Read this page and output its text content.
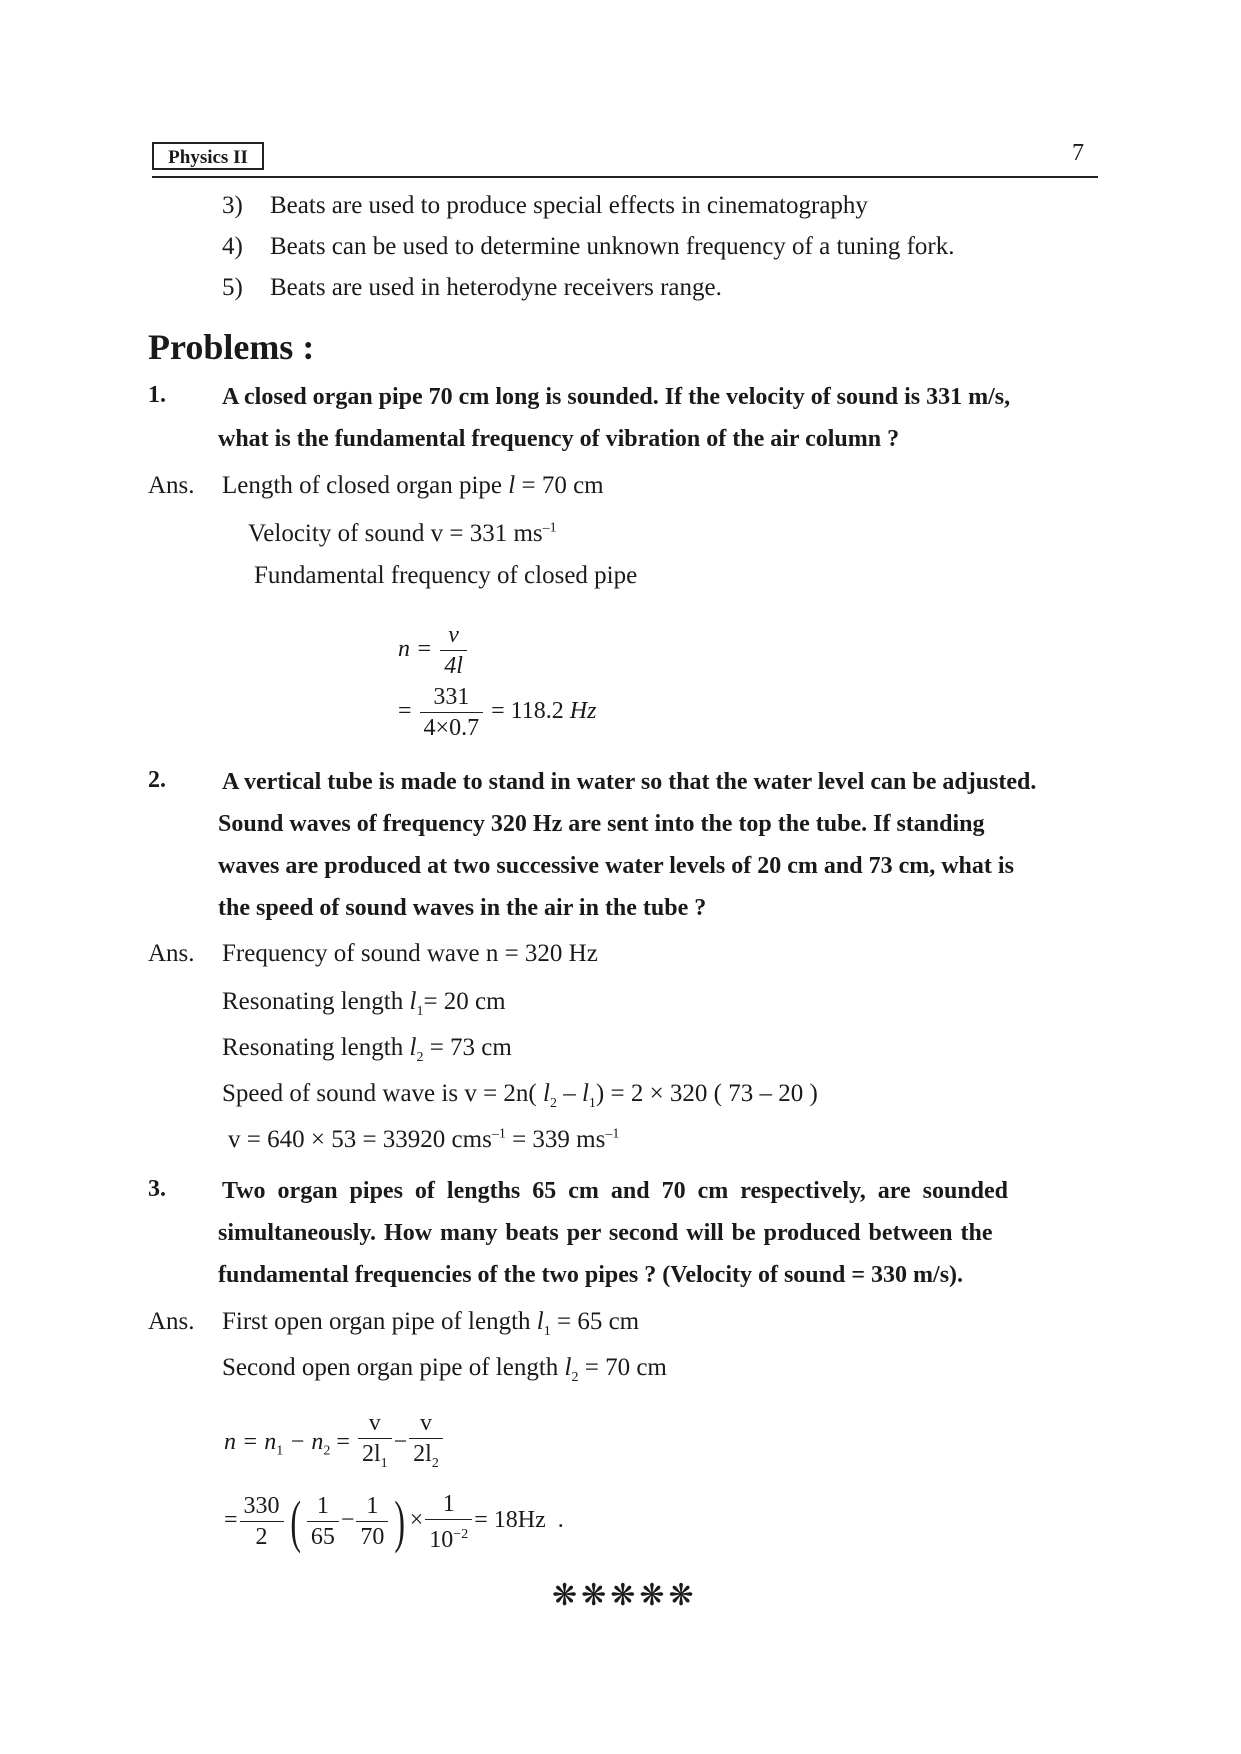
Physics II	7
3) Beats are used to produce special effects in cinematography
4) Beats can be used to determine unknown frequency of a tuning fork.
5) Beats are used in heterodyne receivers range.
Problems :
1. A closed organ pipe 70 cm long is sounded. If the velocity of sound is 331 m/s,
what is the fundamental frequency of vibration of the air column ?
Ans. Length of closed organ pipe l = 70 cm
Velocity of sound v = 331 $ms^{-1}$
Fundamental frequency of closed pipe
$n = \frac{v}{4l}$
= $\frac{331}{4\times 0.7} = 118.2$ Hz
2. A vertical tube is made to stand in water so that the water level can be adjusted.
Sound waves of frequency 320 Hz are sent into the top the tube. If standing
waves are produced at two successive water levels of 20 cm and 73 cm, what is
the speed of sound waves in the air in the tube ?
Ans. Frequency of sound wave n = 320 Hz
Resonating length $l_1= 20$ cm
Resonating length $l_2 = 73$ cm
Speed of sound wave is v = 2n( $l_2 - l_1) = 2 \times 320$ ( 73 – 20 )
v = 640 × 53 = 33920 cms$^{-1}$ = 339 $ms^{-1}$
3. Two organ pipes of lengths 65 cm and 70 cm respectively, are sounded
simultaneously. How many beats per second will be produced between the
fundamental frequencies of the two pipes ? (Velocity of sound = 330 m/s).
Ans. First open organ pipe of length $l_1 = 65$ cm
Second open organ pipe of length $l_2 = 70$ cm
$n = n_1 - n_2 = \frac{v}{2l_1} - \frac{v}{2l_2}$
= $\frac{330}{2}$ ( $\frac{1}{65} - \frac{1}{70}$ ) × $\frac{1}{10^{-2}} = 18Hz$ .
❋❋❋❋❋
